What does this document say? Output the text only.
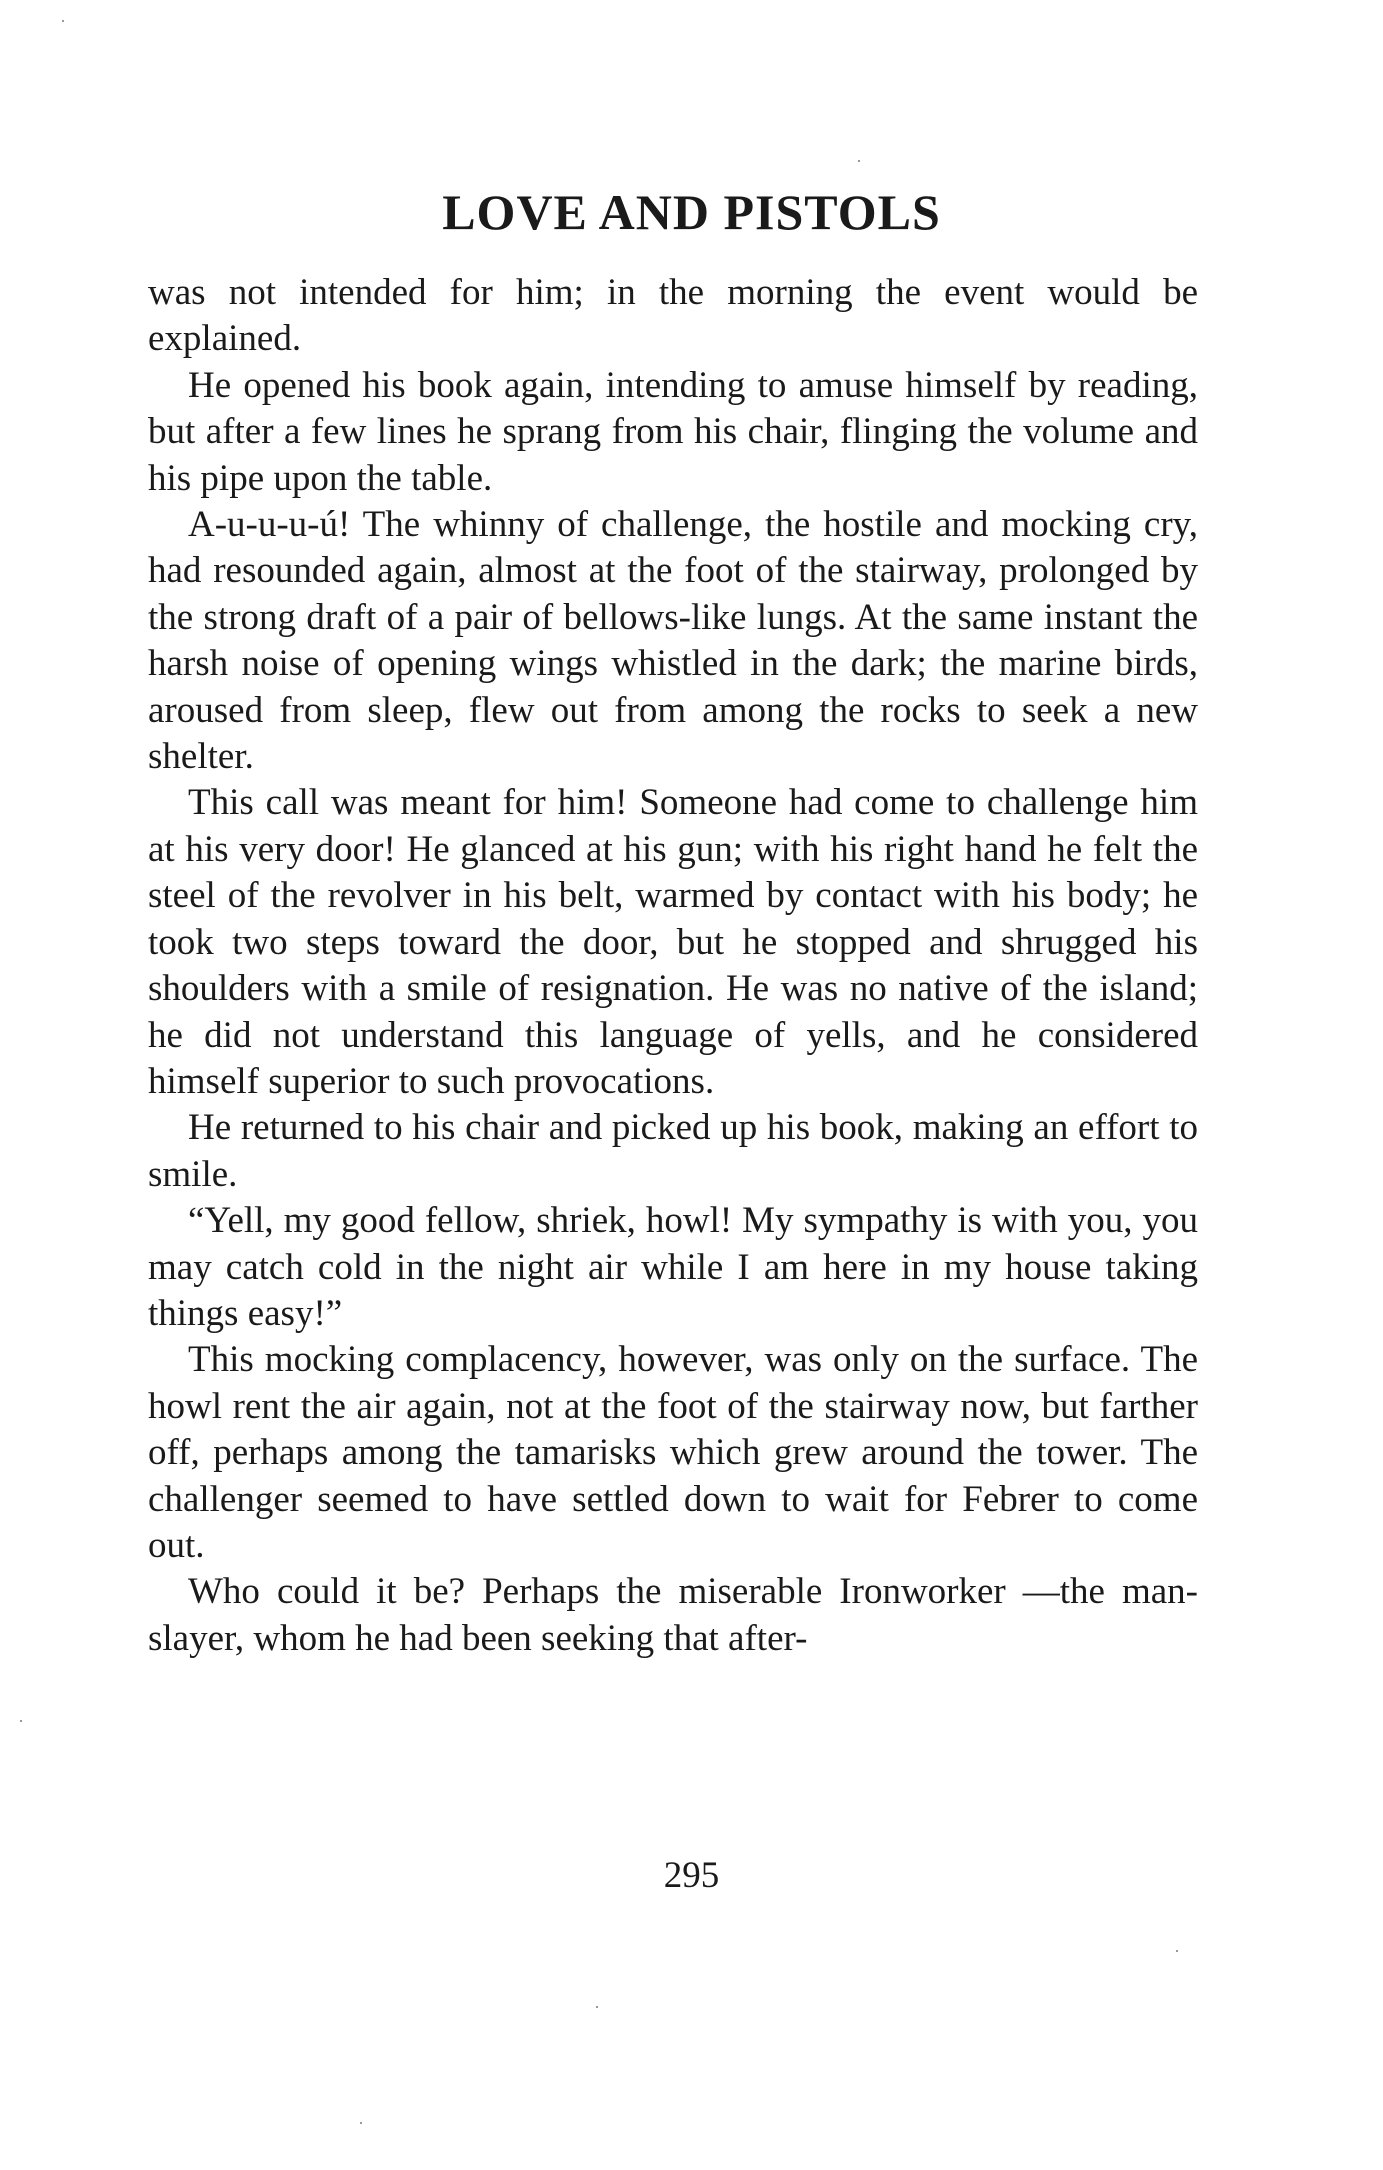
LOVE AND PISTOLS

was not intended for him; in the morning the event would be explained.

He opened his book again, intending to amuse himself by reading, but after a few lines he sprang from his chair, flinging the volume and his pipe upon the table.

A-u-u-u-ú! The whinny of challenge, the hostile and mocking cry, had resounded again, almost at the foot of the stairway, prolonged by the strong draft of a pair of bellows-like lungs. At the same instant the harsh noise of opening wings whistled in the dark; the marine birds, aroused from sleep, flew out from among the rocks to seek a new shelter.

This call was meant for him! Someone had come to challenge him at his very door! He glanced at his gun; with his right hand he felt the steel of the revolver in his belt, warmed by contact with his body; he took two steps toward the door, but he stopped and shrugged his shoulders with a smile of resignation. He was no native of the island; he did not understand this language of yells, and he considered himself superior to such provocations.

He returned to his chair and picked up his book, making an effort to smile.

“Yell, my good fellow, shriek, howl! My sympathy is with you, you may catch cold in the night air while I am here in my house taking things easy!”

This mocking complacency, however, was only on the surface. The howl rent the air again, not at the foot of the stairway now, but farther off, perhaps among the tamarisks which grew around the tower. The challenger seemed to have settled down to wait for Febrer to come out.

Who could it be? Perhaps the miserable Ironworker —the man-slayer, whom he had been seeking that after-

295
